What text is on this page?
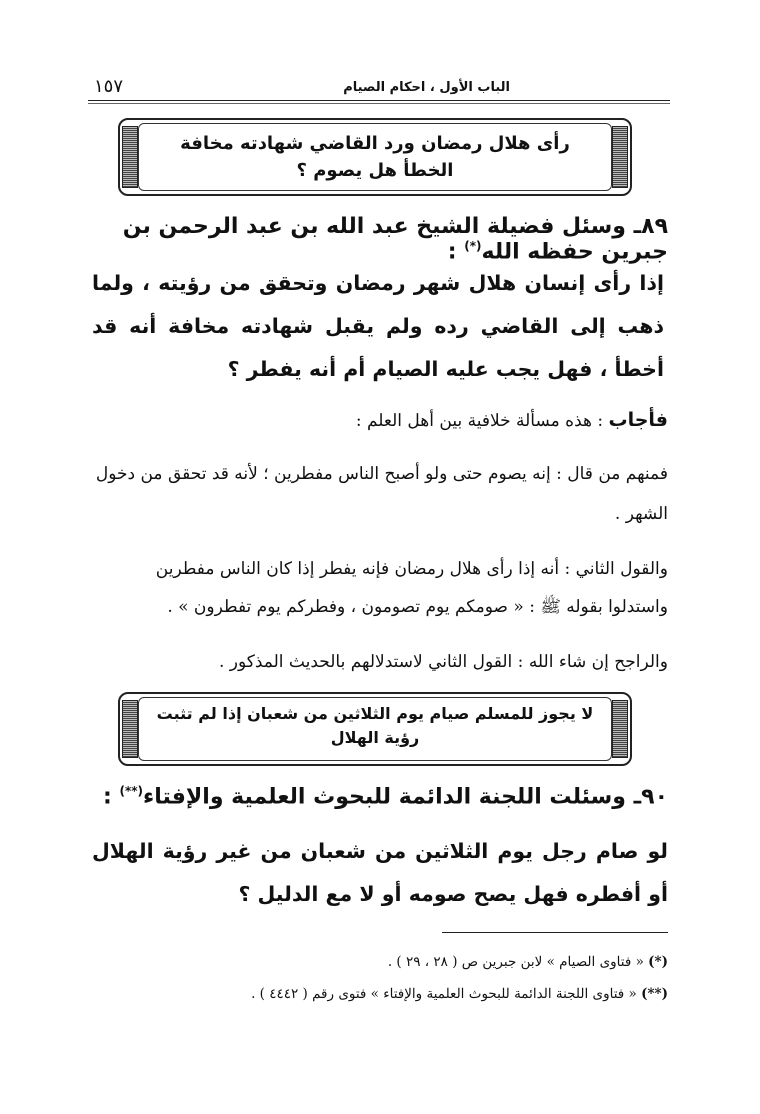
الباب الأول ، احكام الصيام
١٥٧
رأى هلال رمضان ورد القاضي شهادته مخافة الخطأ هل يصوم ؟
٨٩ـ وسئل فضيلة الشيخ عبد الله بن عبد الرحمن بن جبرين حفظه الله(*) :
إذا رأى إنسان هلال شهر رمضان وتحقق من رؤيته ، ولما ذهب إلى القاضي رده ولم يقبل شهادته مخافة أنه قد أخطأ ، فهل يجب عليه الصيام أم أنه يفطر ؟
فأجاب : هذه مسألة خلافية بين أهل العلم :
فمنهم من قال : إنه يصوم حتى ولو أصبح الناس مفطرين ؛ لأنه قد تحقق من دخول الشهر .
والقول الثاني : أنه إذا رأى هلال رمضان فإنه يفطر إذا كان الناس مفطرين واستدلوا بقوله ﷺ : « صومكم يوم تصومون ، وفطركم يوم تفطرون » .
والراجح إن شاء الله : القول الثاني لاستدلالهم بالحديث المذكور .
لا يجوز للمسلم صيام يوم الثلاثين من شعبان إذا لم تثبت رؤية الهلال
٩٠ـ وسئلت اللجنة الدائمة للبحوث العلمية والإفتاء(**) :
لو صام رجل يوم الثلاثين من شعبان من غير رؤية الهلال أو أفطره فهل يصح صومه أو لا مع الدليل ؟
(*) « فتاوى الصيام » لابن جبرين ص ( ٢٨ ، ٢٩ ) .
(**) « فتاوى اللجنة الدائمة للبحوث العلمية والإفتاء » فتوى رقم ( ٤٤٤٢ ) .
